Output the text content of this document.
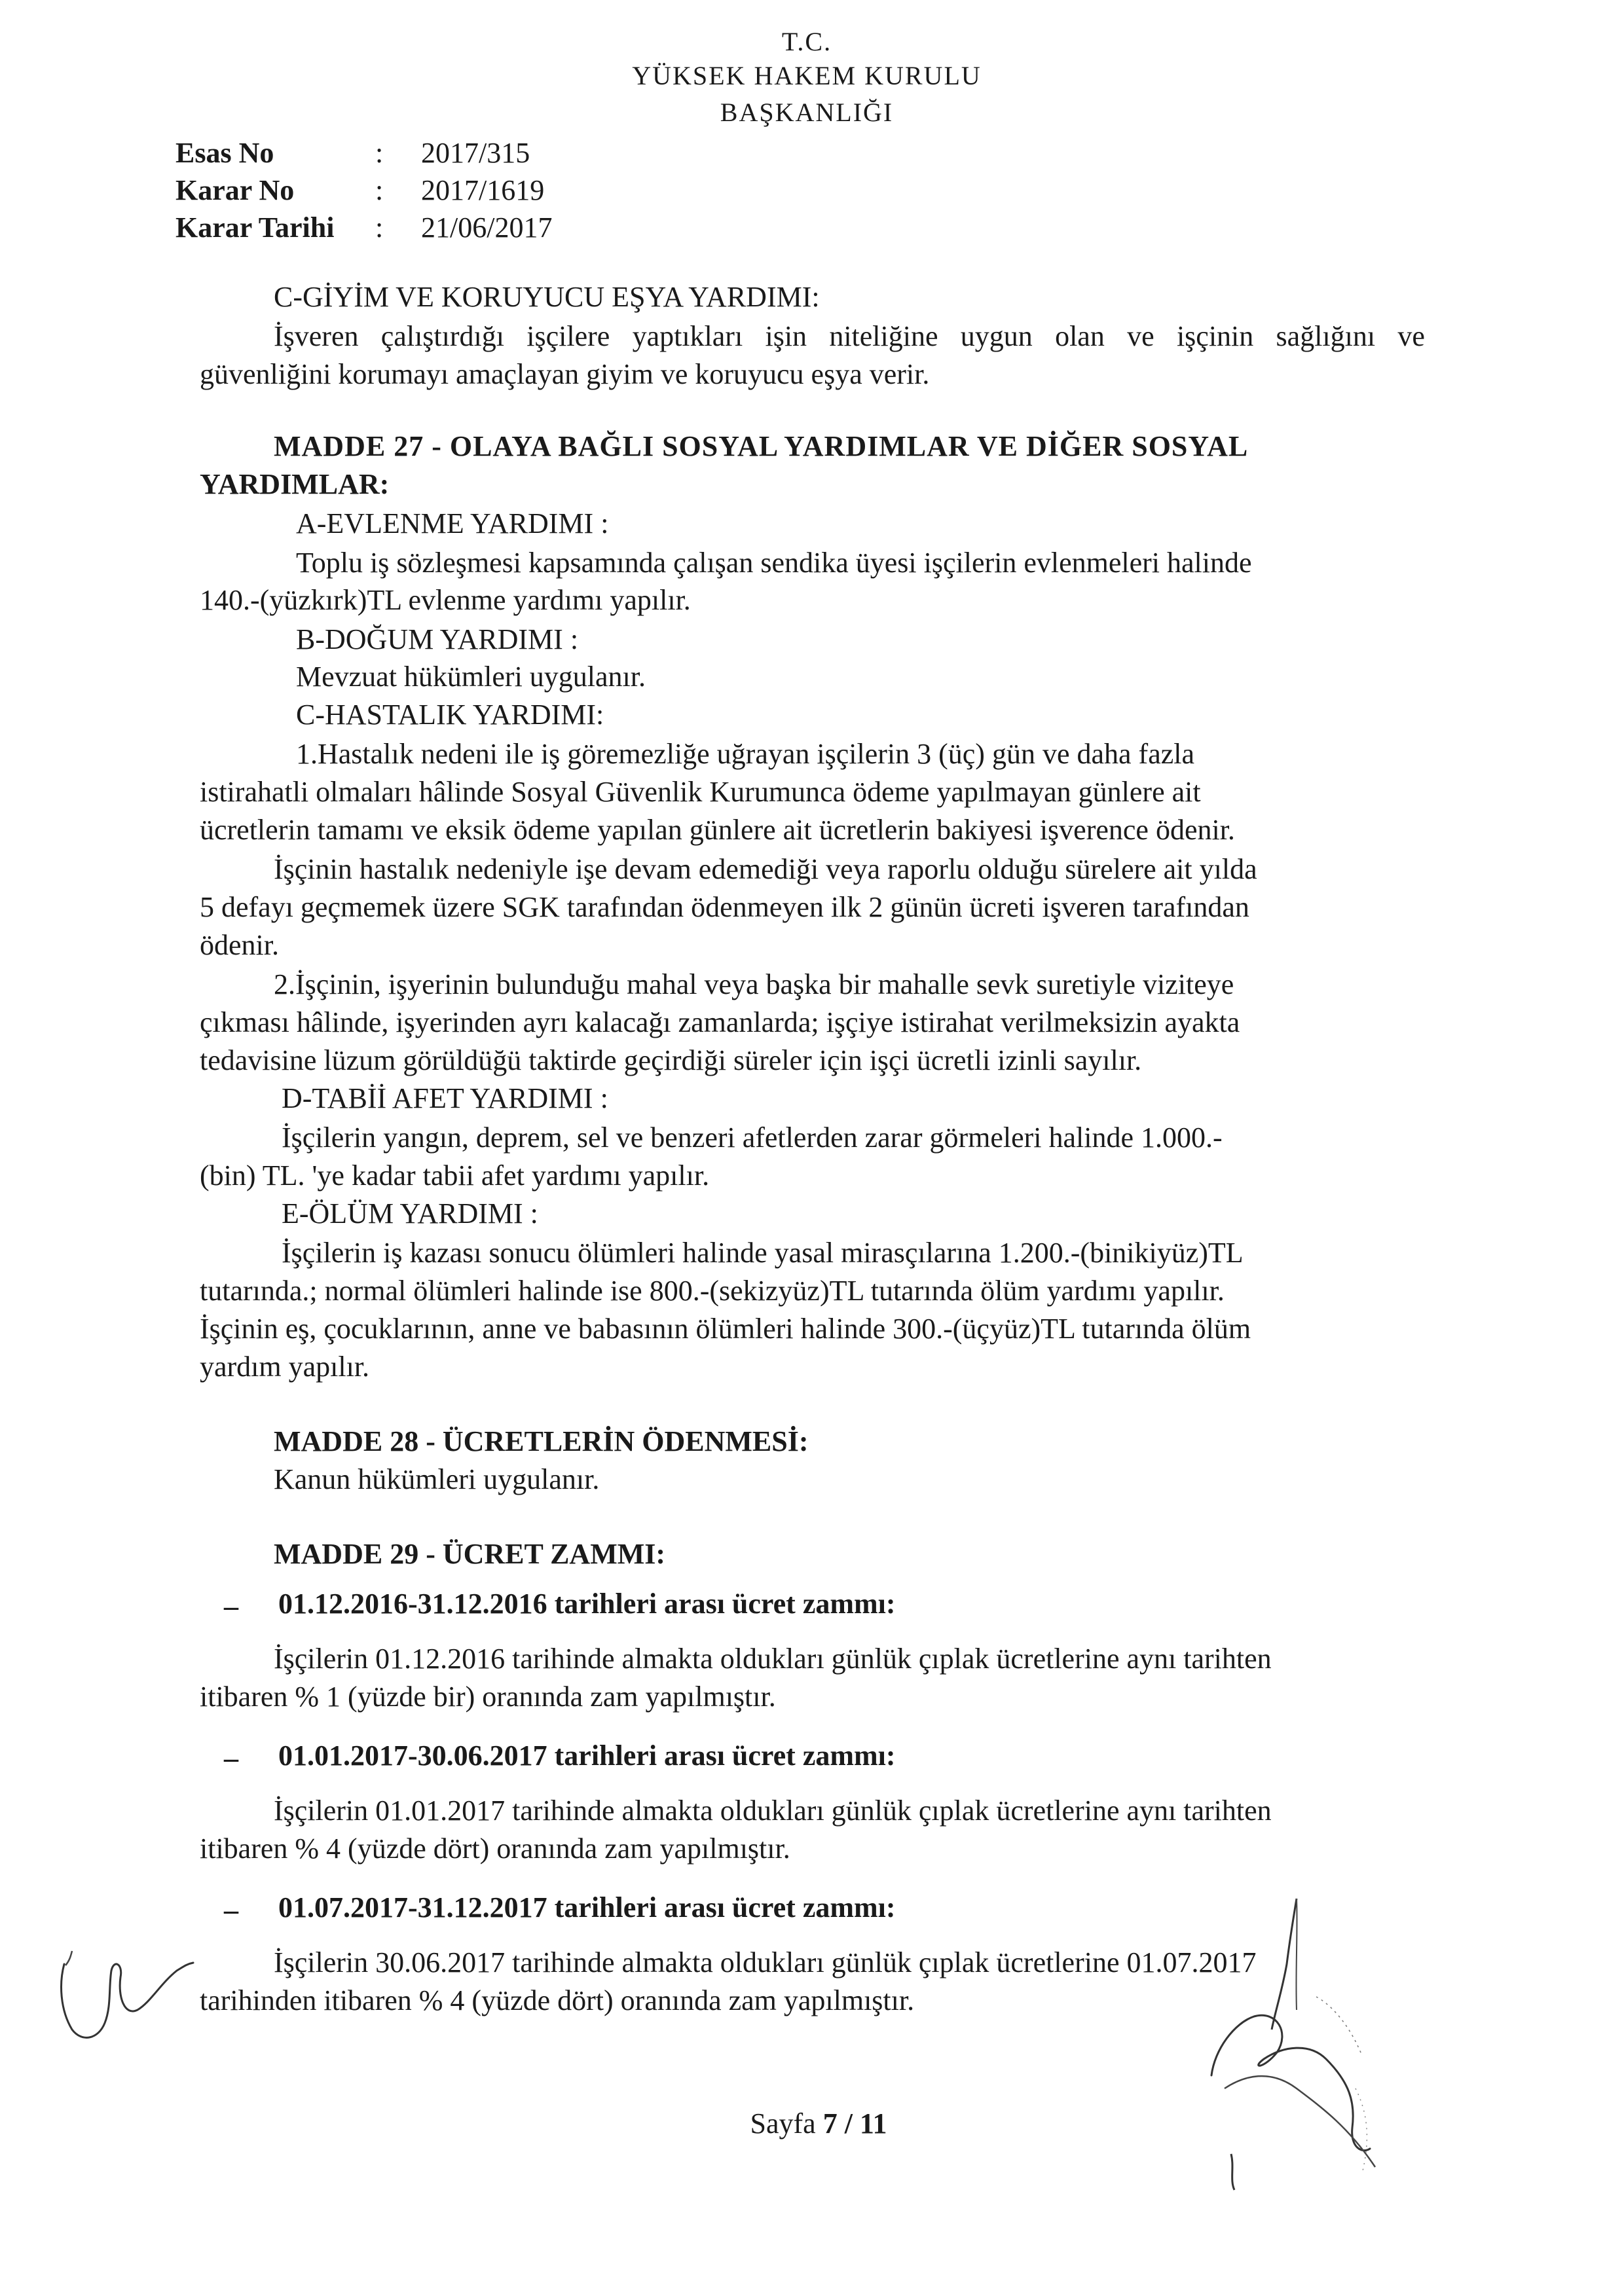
T.C.
YÜKSEK HAKEM KURULU
BAŞKANLIĞI
Esas No	: 2017/315
Karar No	: 2017/1619
Karar Tarihi	: 21/06/2017
C-GİYİM VE KORUYUCU EŞYA YARDIMI:
İşveren çalıştırdığı işçilere yaptıkları işin niteliğine uygun olan ve işçinin sağlığını ve
güvenliğini korumayı amaçlayan giyim ve koruyucu eşya verir.
MADDE 27 - OLAYA BAĞLI SOSYAL YARDIMLAR VE DİĞER SOSYAL
YARDIMLAR:
A-EVLENME YARDIMI :
Toplu iş sözleşmesi kapsamında çalışan sendika üyesi işçilerin evlenmeleri halinde
140.-(yüzkırk)TL evlenme yardımı yapılır.
B-DOĞUM YARDIMI :
Mevzuat hükümleri uygulanır.
C-HASTALIK YARDIMI:
1.Hastalık nedeni ile iş göremezliğe uğrayan işçilerin 3 (üç) gün ve daha fazla
istirahatli olmaları hâlinde Sosyal Güvenlik Kurumunca ödeme yapılmayan günlere ait
ücretlerin tamamı ve eksik ödeme yapılan günlere ait ücretlerin bakiyesi işverence ödenir.
İşçinin hastalık nedeniyle işe devam edemediği veya raporlu olduğu sürelere ait yılda
5 defayı geçmemek üzere SGK tarafından ödenmeyen ilk 2 günün ücreti işveren tarafından
ödenir.
2.İşçinin, işyerinin bulunduğu mahal veya başka bir mahalle sevk suretiyle viziteye
çıkması hâlinde, işyerinden ayrı kalacağı zamanlarda; işçiye istirahat verilmeksizin ayakta
tedavisine lüzum görüldüğü taktirde geçirdiği süreler için işçi ücretli izinli sayılır.
D-TABİİ AFET YARDIMI :
İşçilerin yangın, deprem, sel ve benzeri afetlerden zarar görmeleri halinde 1.000.-
(bin) TL. 'ye kadar tabii afet yardımı yapılır.
E-ÖLÜM YARDIMI :
İşçilerin iş kazası sonucu ölümleri halinde yasal mirasçılarına 1.200.-(binikiyüz)TL
tutarında.; normal ölümleri halinde ise 800.-(sekizyüz)TL tutarında ölüm yardımı yapılır.
İşçinin eş, çocuklarının, anne ve babasının ölümleri halinde 300.-(üçyüz)TL tutarında ölüm
yardım yapılır.
MADDE 28 - ÜCRETLERİN ÖDENMESİ:
Kanun hükümleri uygulanır.
MADDE 29 - ÜCRET ZAMMI:
– 01.12.2016-31.12.2016 tarihleri arası ücret zammı:
İşçilerin 01.12.2016 tarihinde almakta oldukları günlük çıplak ücretlerine aynı tarihten
itibaren % 1 (yüzde bir) oranında zam yapılmıştır.
– 01.01.2017-30.06.2017 tarihleri arası ücret zammı:
İşçilerin 01.01.2017 tarihinde almakta oldukları günlük çıplak ücretlerine aynı tarihten
itibaren % 4 (yüzde dört) oranında zam yapılmıştır.
– 01.07.2017-31.12.2017 tarihleri arası ücret zammı:
İşçilerin 30.06.2017 tarihinde almakta oldukları günlük çıplak ücretlerine 01.07.2017
tarihinden itibaren % 4 (yüzde dört) oranında zam yapılmıştır.
Sayfa 7 / 11
